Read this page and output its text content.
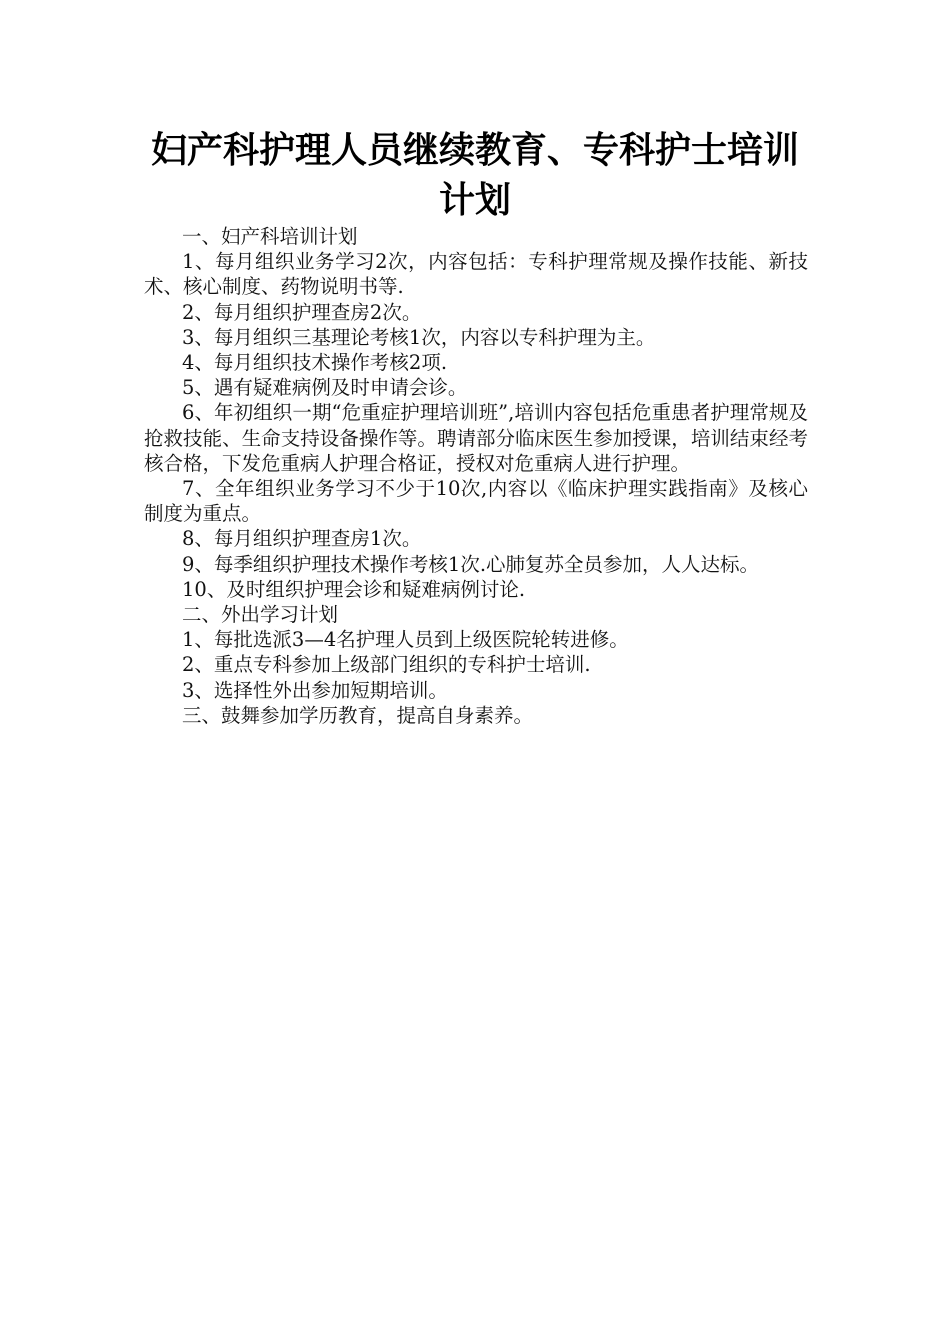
妇产科护理人员继续教育、专科护士培训
计划

一、妇产科培训计划

1、每月组织业务学习2次，内容包括：专科护理常规及操作技能、新技术、核心制度、药物说明书等.

2、每月组织护理查房2次。

3、每月组织三基理论考核1次，内容以专科护理为主。

4、每月组织技术操作考核2项.

5、遇有疑难病例及时申请会诊。

6、年初组织一期“危重症护理培训班”,培训内容包括危重患者护理常规及抢救技能、生命支持设备操作等。聘请部分临床医生参加授课，培训结束经考核合格，下发危重病人护理合格证，授权对危重病人进行护理。

7、全年组织业务学习不少于10次,内容以《临床护理实践指南》及核心制度为重点。

8、每月组织护理查房1次。

9、每季组织护理技术操作考核1次.心肺复苏全员参加，人人达标。

10、及时组织护理会诊和疑难病例讨论.

二、外出学习计划

1、每批选派3—4名护理人员到上级医院轮转进修。

2、重点专科参加上级部门组织的专科护士培训.

3、选择性外出参加短期培训。

三、鼓舞参加学历教育，提高自身素养。
